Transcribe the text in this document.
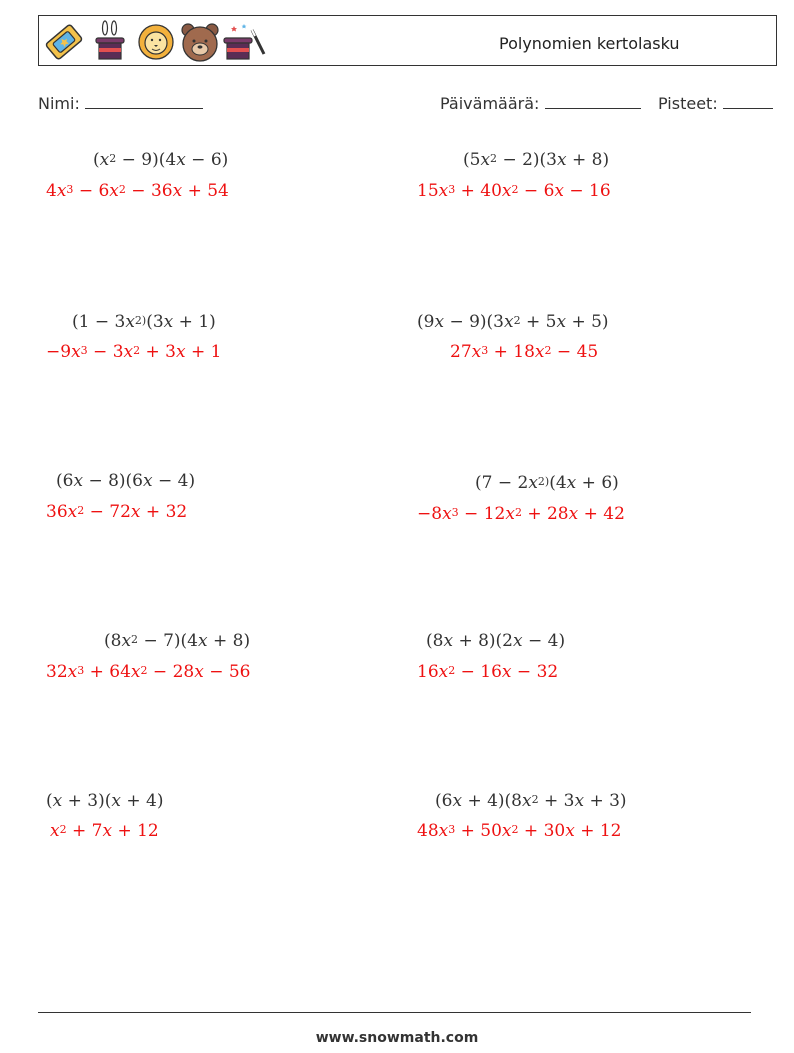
Polynomien kertolasku
Nimi:	Päivämäärä:	Pisteet:
$(x^2 - 9)(4x - 6)$
$4x^3 - 6x^2 - 36x + 54$
$(5x^2 - 2)(3x + 8)$
$15x^3 + 40x^2 - 6x - 16$
($1 - 3x^{2)}(3x + 1)$
$-9x^3 - 3x^2 + 3x + 1$
$(9x - 9)(3x^2 + 5x + 5)$
$27x^3 + 18x^2 - 45$
(6x − 8)(6x − 4)
$36x^2 - 72x + 32$
($7 - 2x^{2)}(4x + 6)$
$-8x^3 - 12x^2 + 28x + 42$
$(8x^2 - 7)(4x + 8)$
$32x^3 + 64x^2 - 28x - 56$
(8x + 8)(2x − 4)
$16x^2 - 16x - 32$
(x + 3)(x + 4)
$x^2 + 7x + 12$
$(6x + 4)(8x^2 + 3x + 3)$
$48x^3 + 50x^2 + 30x + 12$
www.snowmath.com
